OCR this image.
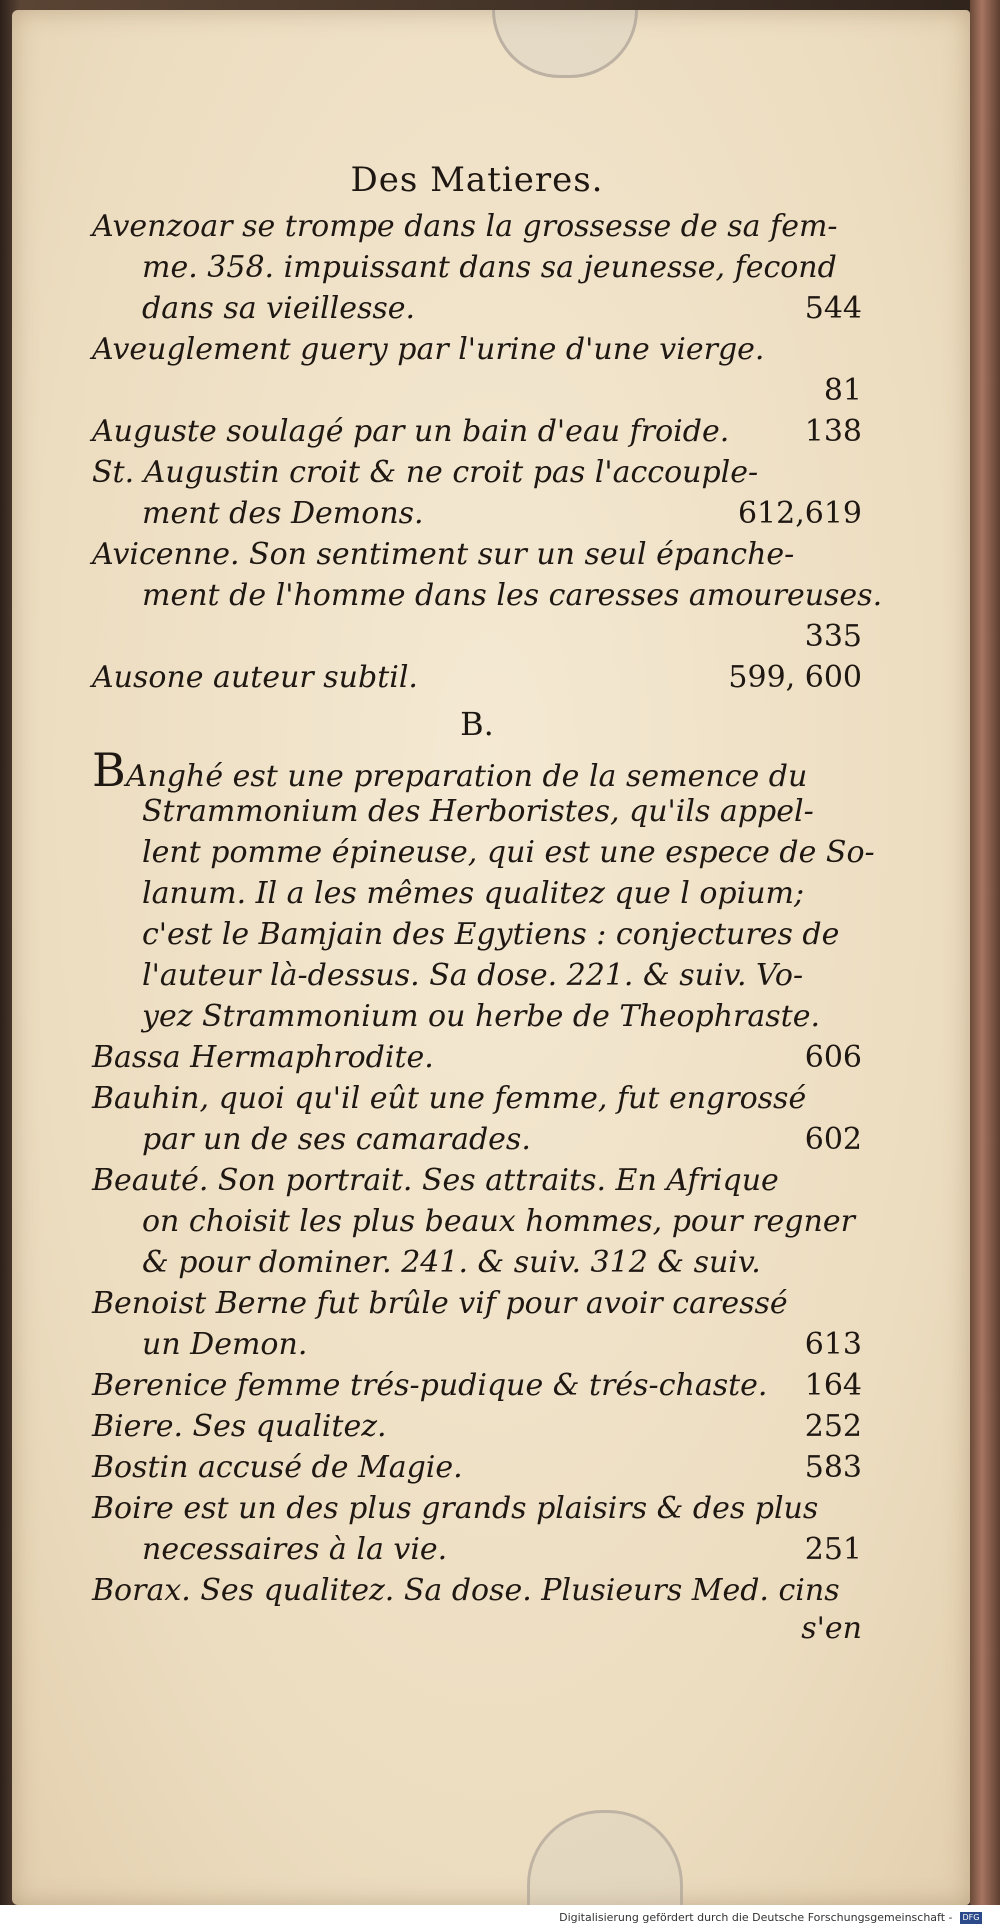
Des Matieres.
Avenzoar se trompe dans la grossesse de sa fem-
me. 358. impuissant dans sa jeunesse, fecond
dans sa vieillesse.	544
Aveuglement guery par l'urine d'une vierge.
81
Auguste soulagé par un bain d'eau froide.	138
St. Augustin croit & ne croit pas l'accouple-
ment des Demons.	612,619
Avicenne. Son sentiment sur un seul épanche-
ment de l'homme dans les caresses amoureuses.
335
Ausone auteur subtil.	599, 600
B.
BAnghé est une preparation de la semence du
Strammonium des Herboristes, qu'ils appel-
lent pomme épineuse, qui est une espece de So-
lanum. Il a les mêmes qualitez que l opium;
c'est le Bamjain des Egytiens : conjectures de
l'auteur là-dessus. Sa dose. 221. & suiv. Vo-
yez Strammonium ou herbe de Theophraste.
Bassa Hermaphrodite.	606
Bauhin, quoi qu'il eût une femme, fut engrossé
par un de ses camarades.	602
Beauté. Son portrait. Ses attraits. En Afrique
on choisit les plus beaux hommes, pour regner
& pour dominer. 241. & suiv. 312 & suiv.
Benoist Berne fut brûle vif pour avoir caressé
un Demon.	613
Berenice femme trés-pudique & trés-chaste. 164
Biere. Ses qualitez.	252
Bostin accusé de Magie.	583
Boire est un des plus grands plaisirs & des plus
necessaires à la vie.	251
Borax. Ses qualitez. Sa dose. Plusieurs Med. cins
s'en
Digitalisierung gefördert durch die Deutsche Forschungsgemeinschaft - DFG
